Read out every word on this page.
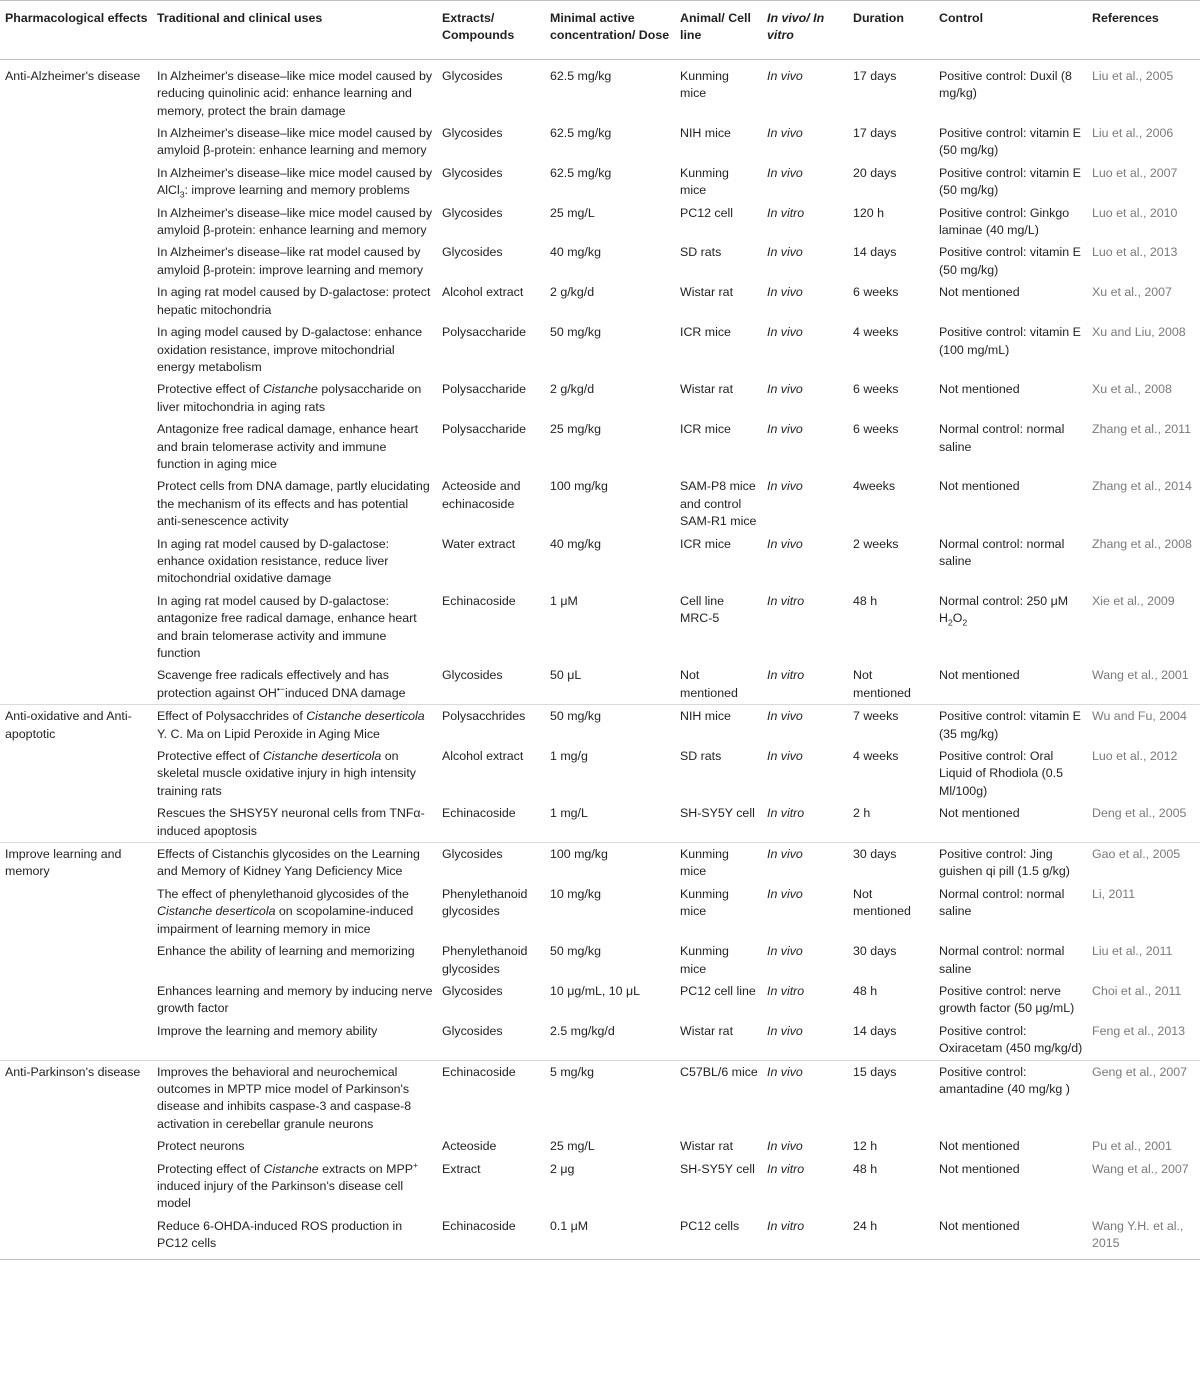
Pharmacological effects	Traditional and clinical uses	Extracts/ Compounds	Minimal active concentration/ Dose	Animal/ Cell line	In vivo/ In vitro	Duration	Control	References
Anti-Alzheimer's disease	In Alzheimer's disease–like mice model caused by reducing quinolinic acid: enhance learning and memory, protect the brain damage	Glycosides	62.5 mg/kg	Kunming mice	In vivo	17 days	Positive control: Duxil (8 mg/kg)	Liu et al., 2005
	In Alzheimer's disease–like mice model caused by amyloid β-protein: enhance learning and memory	Glycosides	62.5 mg/kg	NIH mice	In vivo	17 days	Positive control: vitamin E (50 mg/kg)	Liu et al., 2006
	In Alzheimer's disease–like mice model caused by AlCl$_3$: improve learning and memory problems	Glycosides	62.5 mg/kg	Kunming mice	In vivo	20 days	Positive control: vitamin E (50 mg/kg)	Luo et al., 2007
	In Alzheimer's disease–like mice model caused by amyloid β-protein: enhance learning and memory	Glycosides	25 mg/L	PC12 cell	In vitro	120 h	Positive control: Ginkgo laminae (40 mg/L)	Luo et al., 2010
	In Alzheimer's disease–like rat model caused by amyloid β-protein: improve learning and memory	Glycosides	40 mg/kg	SD rats	In vivo	14 days	Positive control: vitamin E (50 mg/kg)	Luo et al., 2013
	In aging rat model caused by D-galactose: protect hepatic mitochondria	Alcohol extract	2 g/kg/d	Wistar rat	In vivo	6 weeks	Not mentioned	Xu et al., 2007
	In aging model caused by D-galactose: enhance oxidation resistance, improve mitochondrial energy metabolism	Polysaccharide	50 mg/kg	ICR mice	In vivo	4 weeks	Positive control: vitamin E (100 mg/mL)	Xu and Liu, 2008
	Protective effect of Cistanche polysaccharide on liver mitochondria in aging rats	Polysaccharide	2 g/kg/d	Wistar rat	In vivo	6 weeks	Not mentioned	Xu et al., 2008
	Antagonize free radical damage, enhance heart and brain telomerase activity and immune function in aging mice	Polysaccharide	25 mg/kg	ICR mice	In vivo	6 weeks	Normal control: normal saline	Zhang et al., 2011
	Protect cells from DNA damage, partly elucidating the mechanism of its effects and has potential anti-senescence activity	Acteoside and echinacoside	100 mg/kg	SAM-P8 mice and control SAM-R1 mice	In vivo	4weeks	Not mentioned	Zhang et al., 2014
	In aging rat model caused by D-galactose: enhance oxidation resistance, reduce liver mitochondrial oxidative damage	Water extract	40 mg/kg	ICR mice	In vivo	2 weeks	Normal control: normal saline	Zhang et al., 2008
	In aging rat model caused by D-galactose: antagonize free radical damage, enhance heart and brain telomerase activity and immune function	Echinacoside	1 μM	Cell line MRC-5	In vitro	48 h	Normal control: 250 μM $H_2O_2$	Xie et al., 2009
	Scavenge free radicals effectively and has protection against OH•−induced DNA damage	Glycosides	50 μL	Not mentioned	In vitro	Not mentioned	Not mentioned	Wang et al., 2001
Anti-oxidative and Anti-apoptotic	Effect of Polysacchrides of Cistanche deserticola Y. C. Ma on Lipid Peroxide in Aging Mice	Polysacchrides	50 mg/kg	NIH mice	In vivo	7 weeks	Positive control: vitamin E (35 mg/kg)	Wu and Fu, 2004
	Protective effect of Cistanche deserticola on skeletal muscle oxidative injury in high intensity training rats	Alcohol extract	1 mg/g	SD rats	In vivo	4 weeks	Positive control: Oral Liquid of Rhodiola (0.5 Ml/100g)	Luo et al., 2012
	Rescues the SHSY5Y neuronal cells from TNFα-induced apoptosis	Echinacoside	1 mg/L	SH-SY5Y cell	In vitro	2 h	Not mentioned	Deng et al., 2005
Improve learning and memory	Effects of Cistanchis glycosides on the Learning and Memory of Kidney Yang Deficiency Mice	Glycosides	100 mg/kg	Kunming mice	In vivo	30 days	Positive control: Jing guishen qi pill (1.5 g/kg)	Gao et al., 2005
	The effect of phenylethanoid glycosides of the Cistanche deserticola on scopolamine-induced impairment of learning memory in mice	Phenylethanoid glycosides	10 mg/kg	Kunming mice	In vivo	Not mentioned	Normal control: normal saline	Li, 2011
	Enhance the ability of learning and memorizing	Phenylethanoid glycosides	50 mg/kg	Kunming mice	In vivo	30 days	Normal control: normal saline	Liu et al., 2011
	Enhances learning and memory by inducing nerve growth factor	Glycosides	10 μg/mL, 10 μL	PC12 cell line	In vitro	48 h	Positive control: nerve growth factor (50 μg/mL)	Choi et al., 2011
	Improve the learning and memory ability	Glycosides	2.5 mg/kg/d	Wistar rat	In vivo	14 days	Positive control: Oxiracetam (450 mg/kg/d)	Feng et al., 2013
Anti-Parkinson's disease	Improves the behavioral and neurochemical outcomes in MPTP mice model of Parkinson's disease and inhibits caspase-3 and caspase-8 activation in cerebellar granule neurons	Echinacoside	5 mg/kg	C57BL/6 mice	In vivo	15 days	Positive control: amantadine (40 mg/kg )	Geng et al., 2007
	Protect neurons	Acteoside	25 mg/L	Wistar rat	In vivo	12 h	Not mentioned	Pu et al., 2001
	Protecting effect of Cistanche extracts on MPP+ induced injury of the Parkinson's disease cell model	Extract	2 μg	SH-SY5Y cell	In vitro	48 h	Not mentioned	Wang et al., 2007
	Reduce 6-OHDA-induced ROS production in PC12 cells	Echinacoside	0.1 μM	PC12 cells	In vitro	24 h	Not mentioned	Wang Y.H. et al., 2015
